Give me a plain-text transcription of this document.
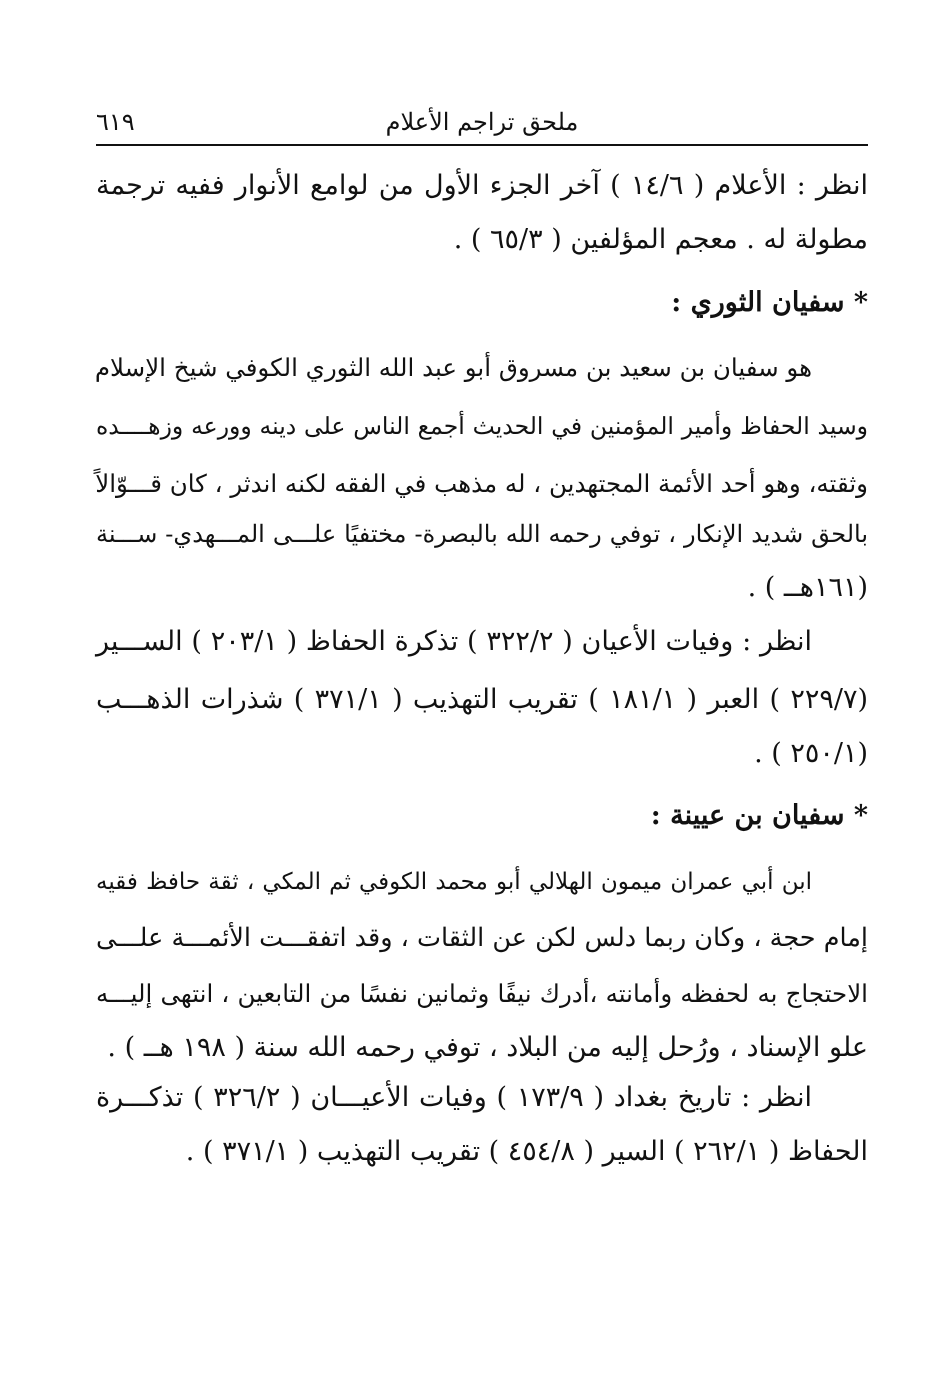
ملحق تراجم الأعلام
٦١٩
انظر : الأعلام ( ١٤/٦ ) آخر الجزء الأول من لوامع الأنوار ففيه ترجمة
مطولة له . معجم المؤلفين ( ٦٥/٣ ) .
* سفيان الثوري :
هو سفيان بن سعيد بن مسروق أبو عبد الله الثوري الكوفي شيخ الإسلام
وسيد الحفاظ وأمير المؤمنين في الحديث أجمع الناس على دينه وورعه وزهــــده
وثقته، وهو أحد الأئمة المجتهدين ، له مذهب في الفقه لكنه اندثر ، كان قـــوّالاً
بالحق شديد الإنكار ، توفي رحمه الله بالبصرة- مختفيًا علـــى المـــهدي- ســـنة
(١٦١هــ ) .
انظر : وفيات الأعيان ( ٣٢٢/٢ ) تذكرة الحفاظ ( ٢٠٣/١ ) الســـير
(٢٢٩/٧ ) العبر ( ١٨١/١ ) تقريب التهذيب ( ٣٧١/١ ) شذرات الذهـــب
(٢٥٠/١ ) .
* سفيان بن عيينة :
ابن أبي عمران ميمون الهلالي أبو محمد الكوفي ثم المكي ، ثقة حافظ فقيه
إمام حجة ، وكان ربما دلس لكن عن الثقات ، وقد اتفقـــت الأئمـــة علـــى
الاحتجاج به لحفظه وأمانته ،أدرك نيفًا وثمانين نفسًا من التابعين ، انتهى إليـــه
علو الإسناد ، ورُحل إليه من البلاد ، توفي رحمه الله سنة ( ١٩٨ هــ ) .
انظر : تاريخ بغداد ( ١٧٣/٩ ) وفيات الأعيـــان ( ٣٢٦/٢ ) تذكـــرة
الحفاظ ( ٢٦٢/١ ) السير ( ٤٥٤/٨ ) تقريب التهذيب ( ٣٧١/١ ) .
